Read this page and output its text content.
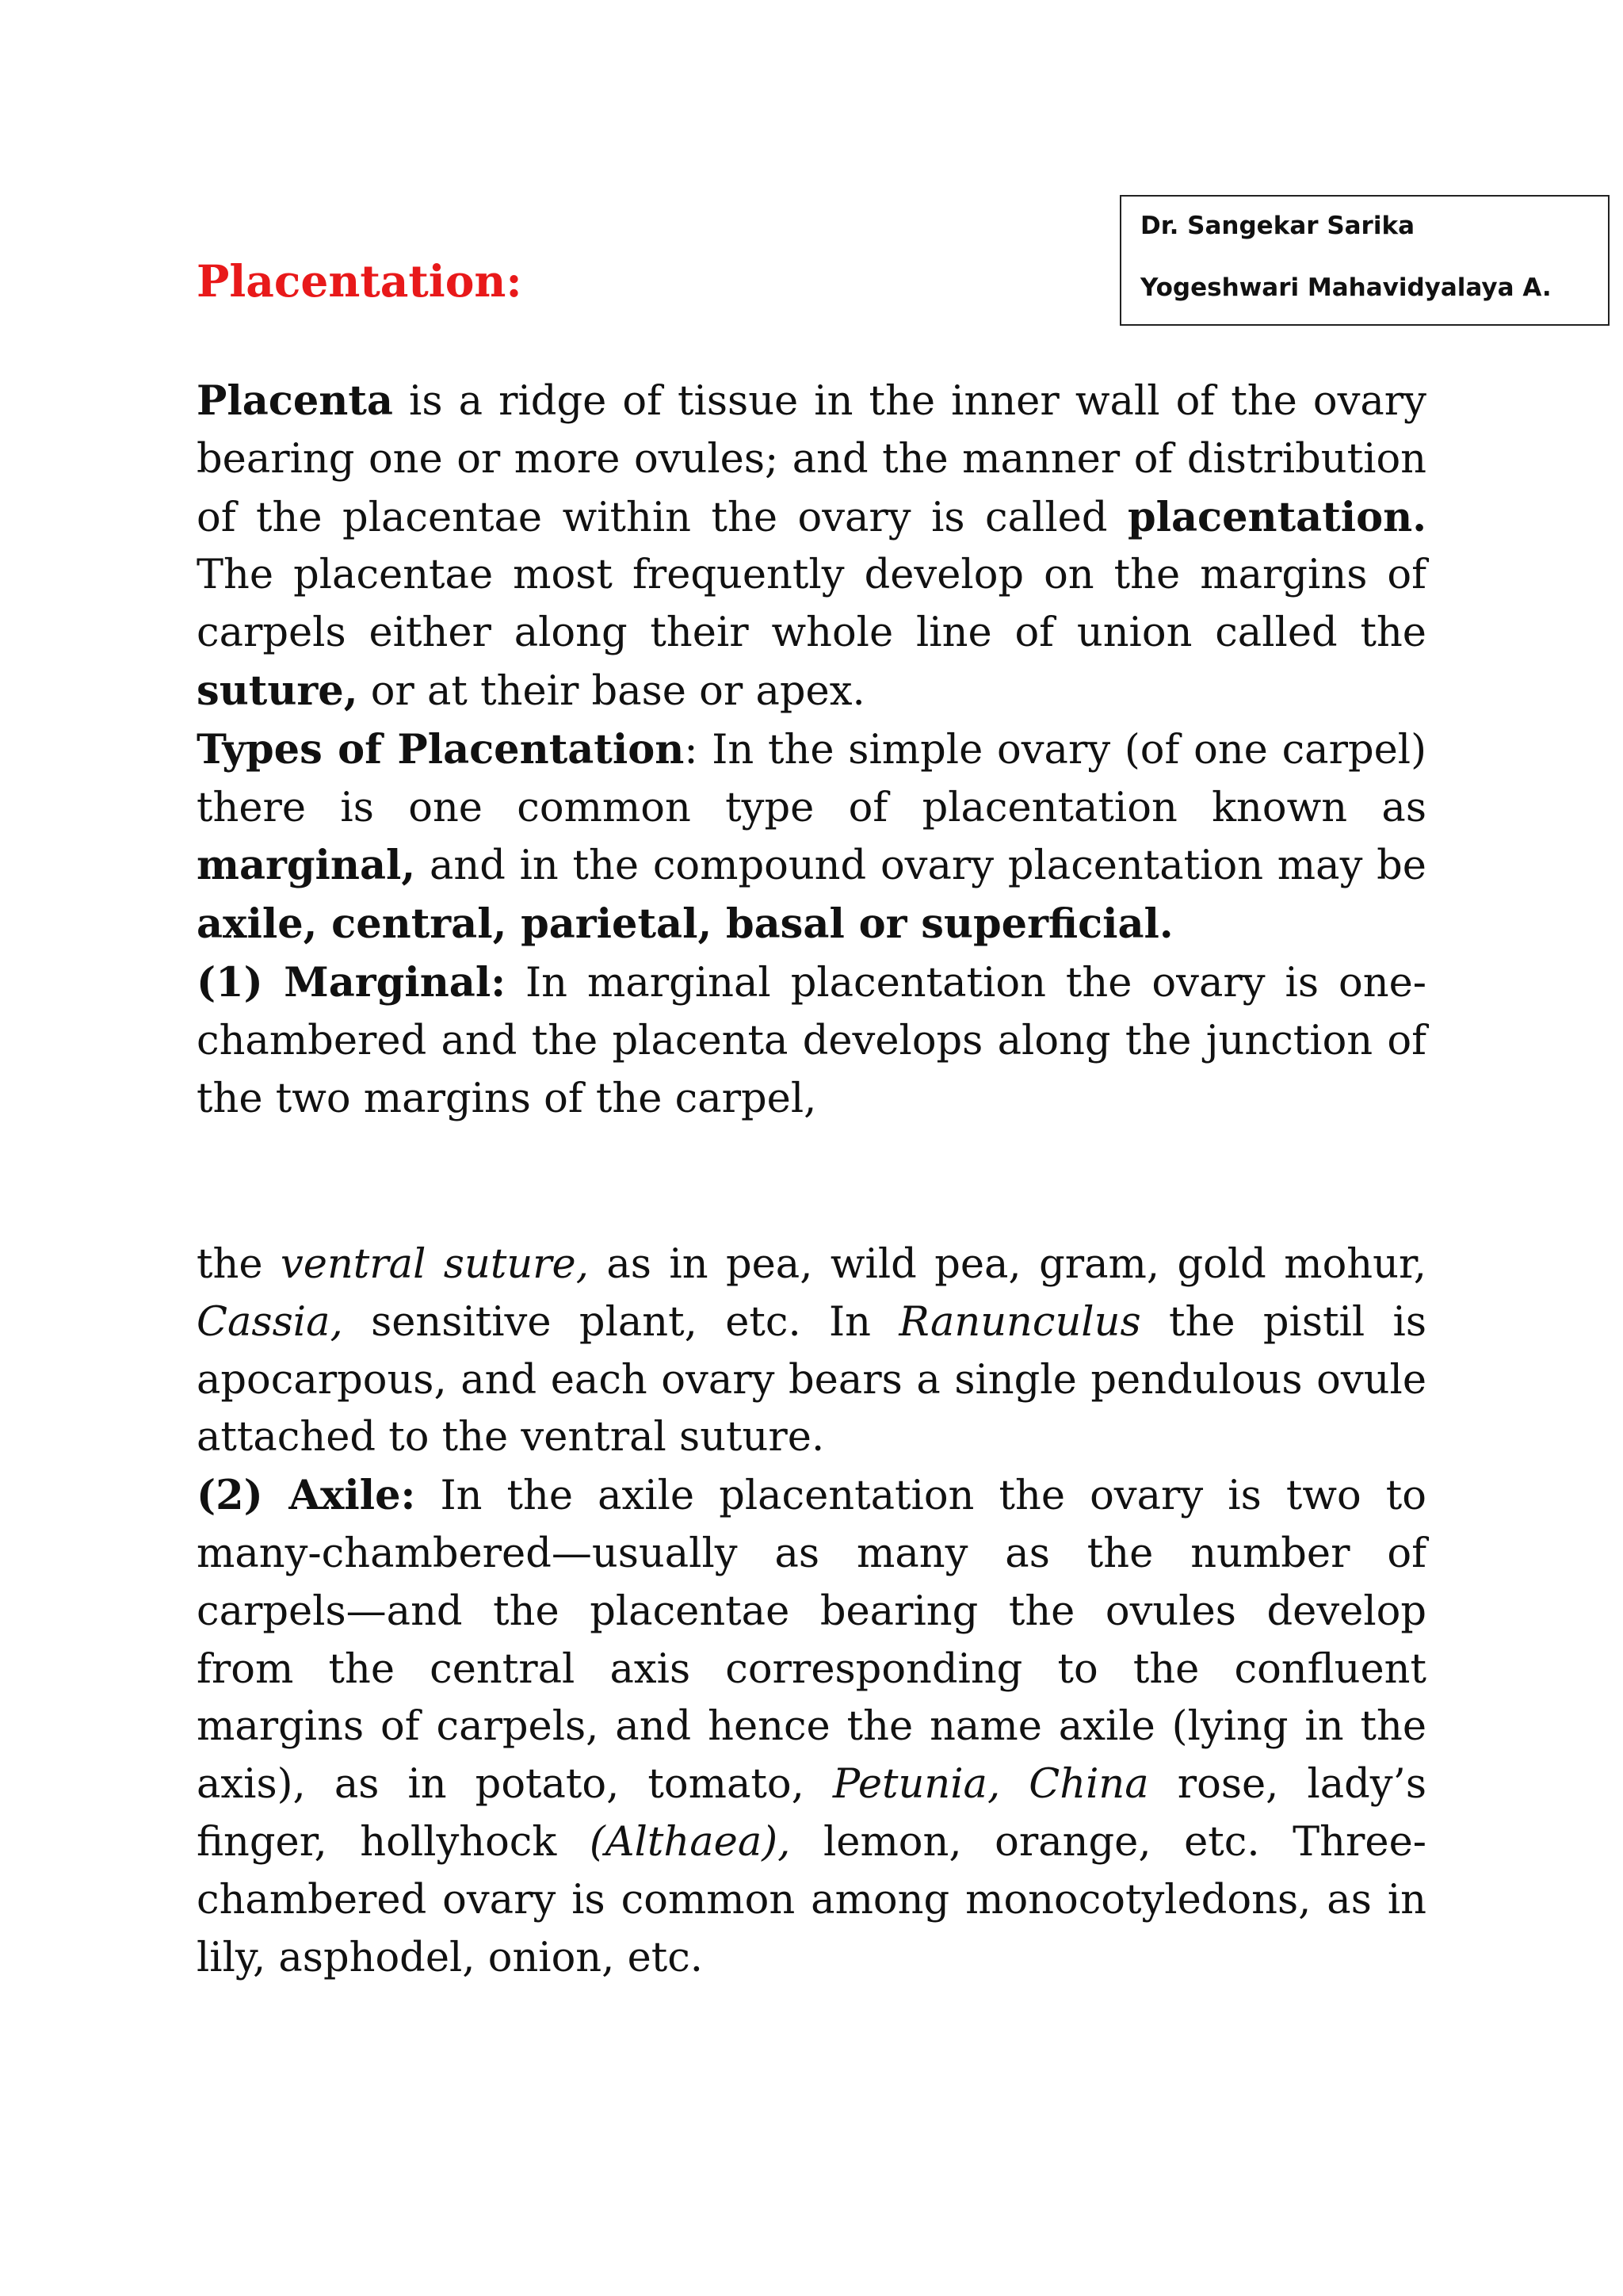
Dr. Sangekar Sarika
Yogeshwari Mahavidyalaya A.
Placentation:

Placenta is a ridge of tissue in the inner wall of the ovary bearing one or more ovules; and the manner of distribution of the placentae within the ovary is called placentation. The placentae most frequently develop on the margins of carpels either along their whole line of union called the suture, or at their base or apex.

Types of Placentation: In the simple ovary (of one carpel) there is one common type of placentation known as marginal, and in the compound ovary placentation may be axile, central, parietal, basal or superficial.

(1) Marginal: In marginal placentation the ovary is one-chambered and the placenta develops along the junction of the two margins of the carpel,

the ventral suture, as in pea, wild pea, gram, gold mohur, Cassia, sensitive plant, etc. In Ranunculus the pistil is apocarpous, and each ovary bears a single pendulous ovule attached to the ventral suture.

(2) Axile: In the axile placentation the ovary is two to many-chambered—usually as many as the number of carpels—and the placentae bearing the ovules develop from the central axis corresponding to the confluent margins of carpels, and hence the name axile (lying in the axis), as in potato, tomato, Petunia, China rose, lady’s finger, hollyhock (Althaea), lemon, orange, etc. Three-chambered ovary is common among monocotyledons, as in lily, asphodel, onion, etc.
